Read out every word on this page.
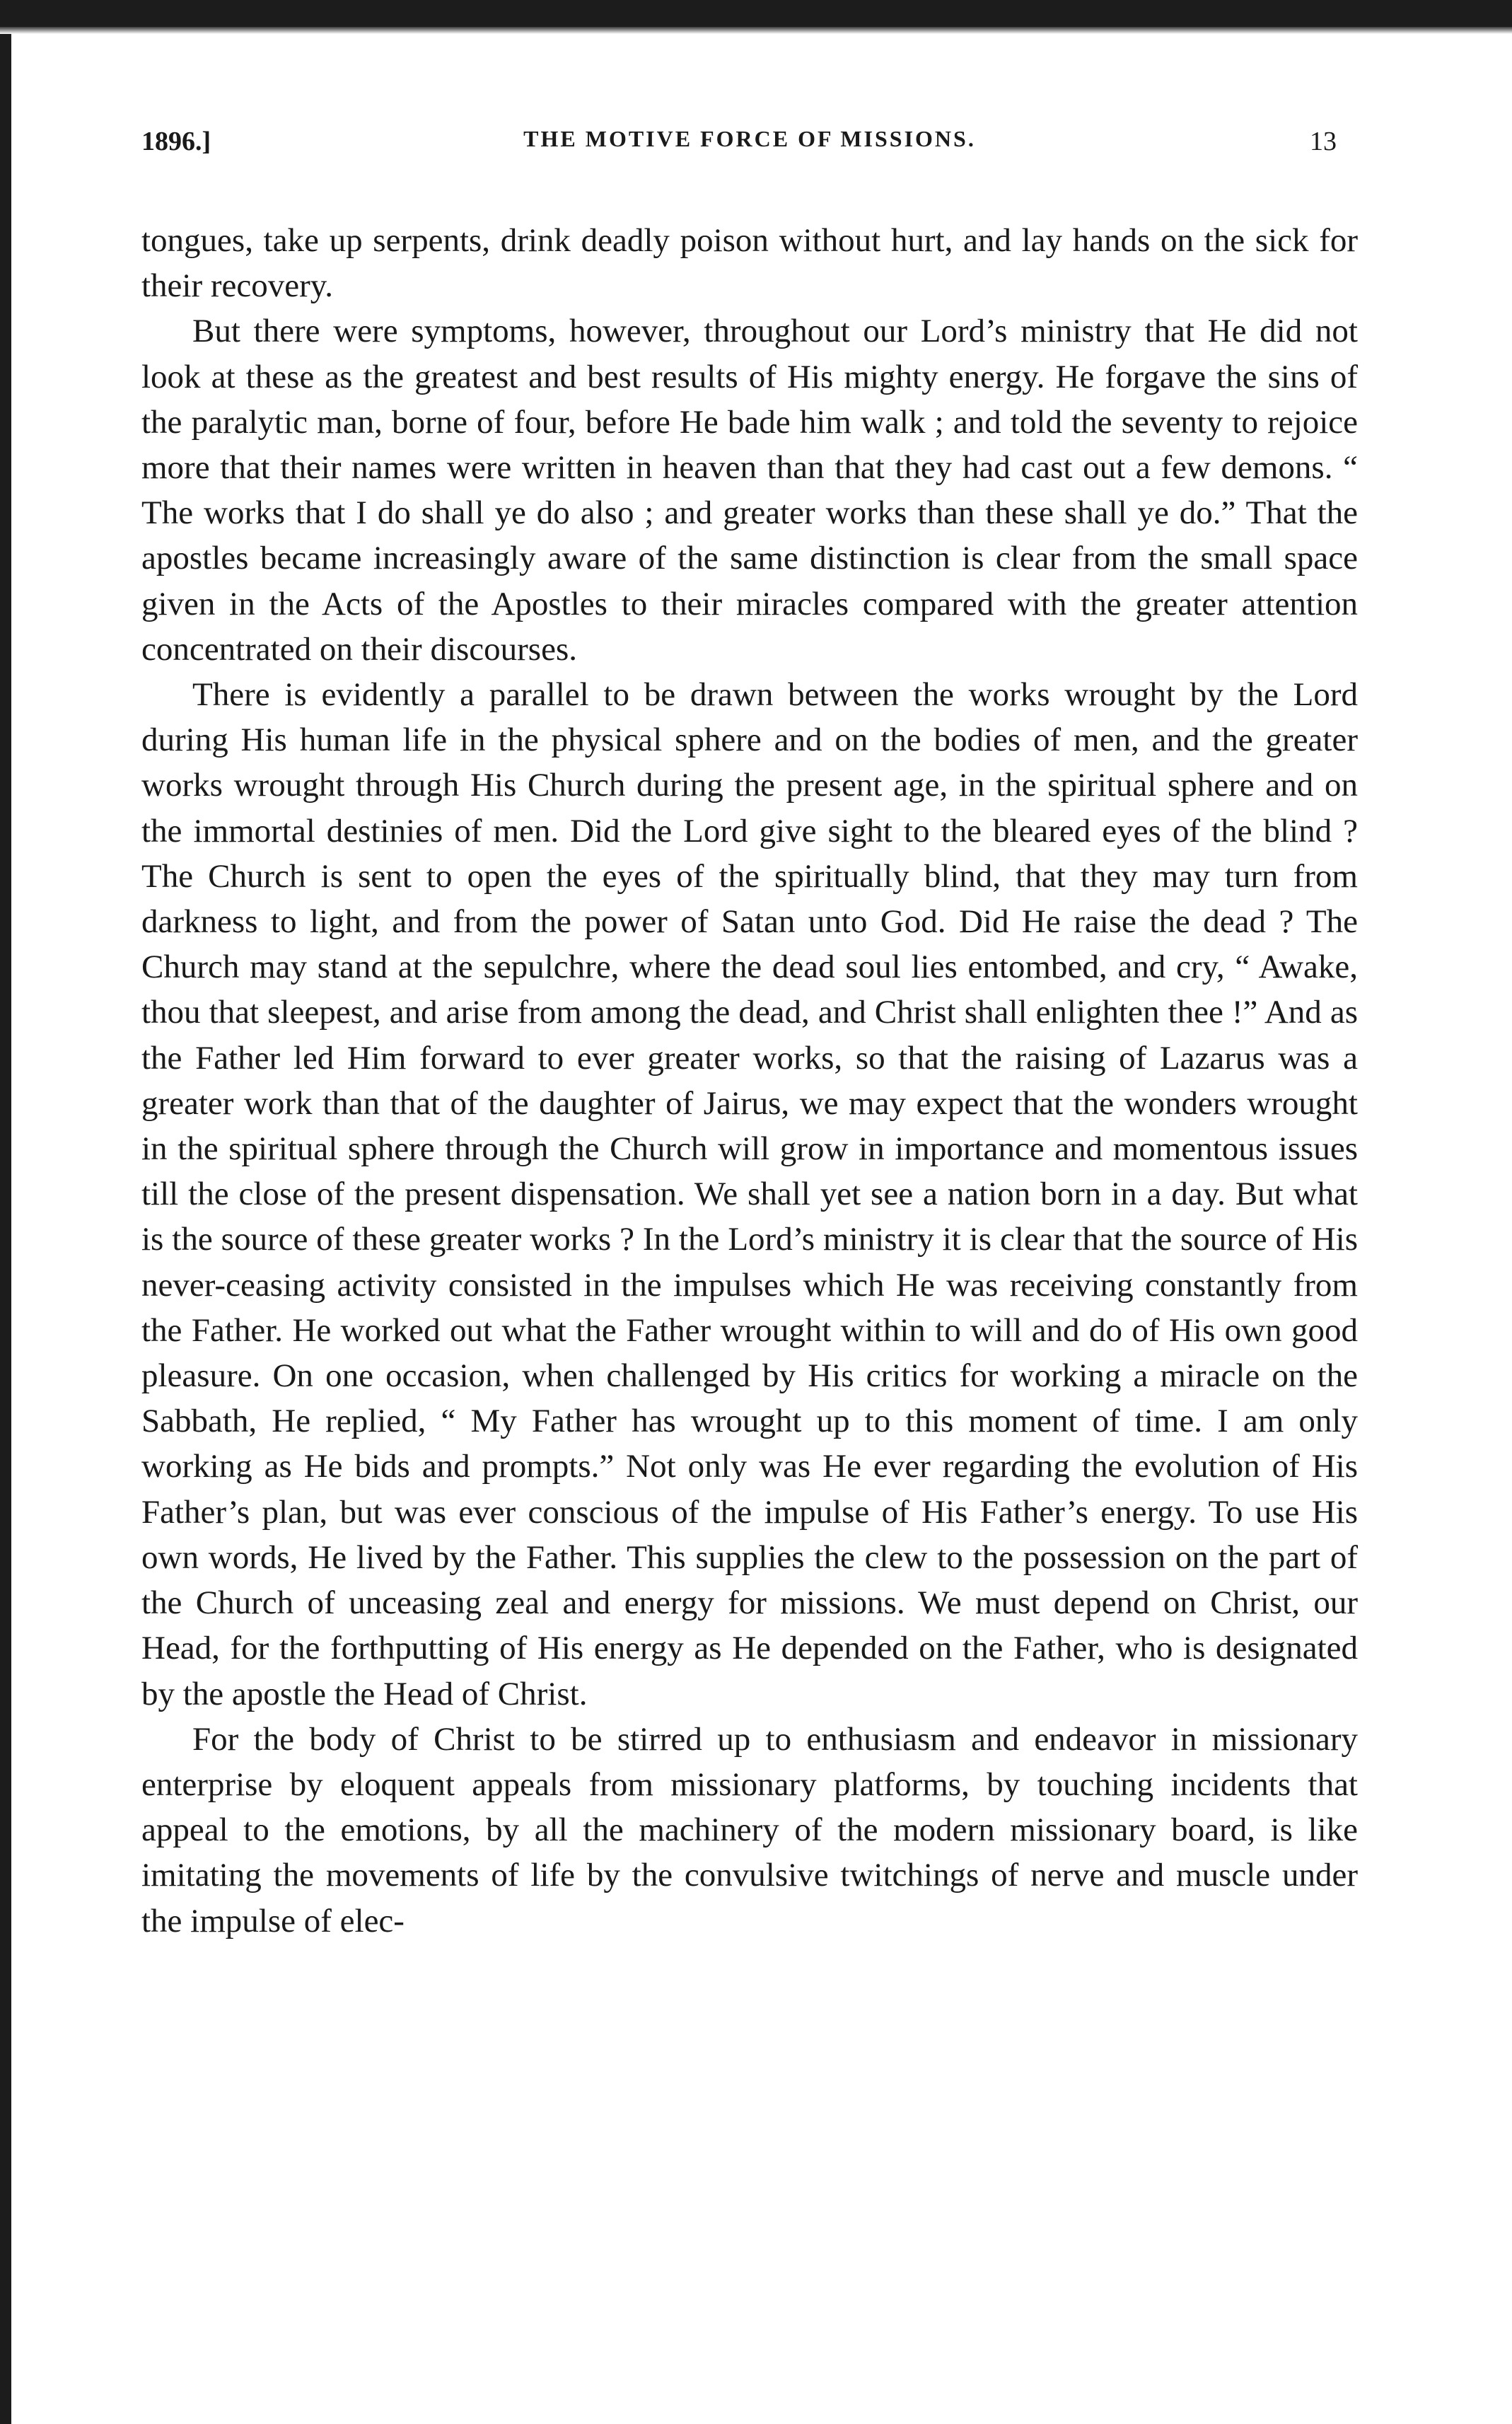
1896.]	THE MOTIVE FORCE OF MISSIONS.	13

tongues, take up serpents, drink deadly poison without hurt, and lay hands on the sick for their recovery.

But there were symptoms, however, throughout our Lord’s ministry that He did not look at these as the greatest and best results of His mighty energy. He forgave the sins of the paralytic man, borne of four, before He bade him walk ; and told the seventy to rejoice more that their names were written in heaven than that they had cast out a few demons. “ The works that I do shall ye do also ; and greater works than these shall ye do.” That the apostles became increasingly aware of the same distinction is clear from the small space given in the Acts of the Apostles to their miracles compared with the greater attention concentrated on their discourses.

There is evidently a parallel to be drawn between the works wrought by the Lord during His human life in the physical sphere and on the bodies of men, and the greater works wrought through His Church during the present age, in the spiritual sphere and on the immortal destinies of men. Did the Lord give sight to the bleared eyes of the blind ? The Church is sent to open the eyes of the spiritually blind, that they may turn from darkness to light, and from the power of Satan unto God. Did He raise the dead ? The Church may stand at the sepulchre, where the dead soul lies entombed, and cry, “ Awake, thou that sleepest, and arise from among the dead, and Christ shall enlighten thee !” And as the Father led Him forward to ever greater works, so that the raising of Lazarus was a greater work than that of the daughter of Jairus, we may expect that the wonders wrought in the spiritual sphere through the Church will grow in importance and momentous issues till the close of the present dispensation. We shall yet see a nation born in a day. But what is the source of these greater works ? In the Lord’s ministry it is clear that the source of His never-ceasing activity consisted in the impulses which He was receiving constantly from the Father. He worked out what the Father wrought within to will and do of His own good pleasure. On one occasion, when challenged by His critics for working a miracle on the Sabbath, He replied, “ My Father has wrought up to this moment of time. I am only working as He bids and prompts.” Not only was He ever regarding the evolution of His Father’s plan, but was ever conscious of the impulse of His Father’s energy. To use His own words, He lived by the Father. This supplies the clew to the possession on the part of the Church of unceasing zeal and energy for missions. We must depend on Christ, our Head, for the forthputting of His energy as He depended on the Father, who is designated by the apostle the Head of Christ.

For the body of Christ to be stirred up to enthusiasm and endeavor in missionary enterprise by eloquent appeals from missionary platforms, by touching incidents that appeal to the emotions, by all the machinery of the modern missionary board, is like imitating the movements of life by the convulsive twitchings of nerve and muscle under the impulse of elec-
